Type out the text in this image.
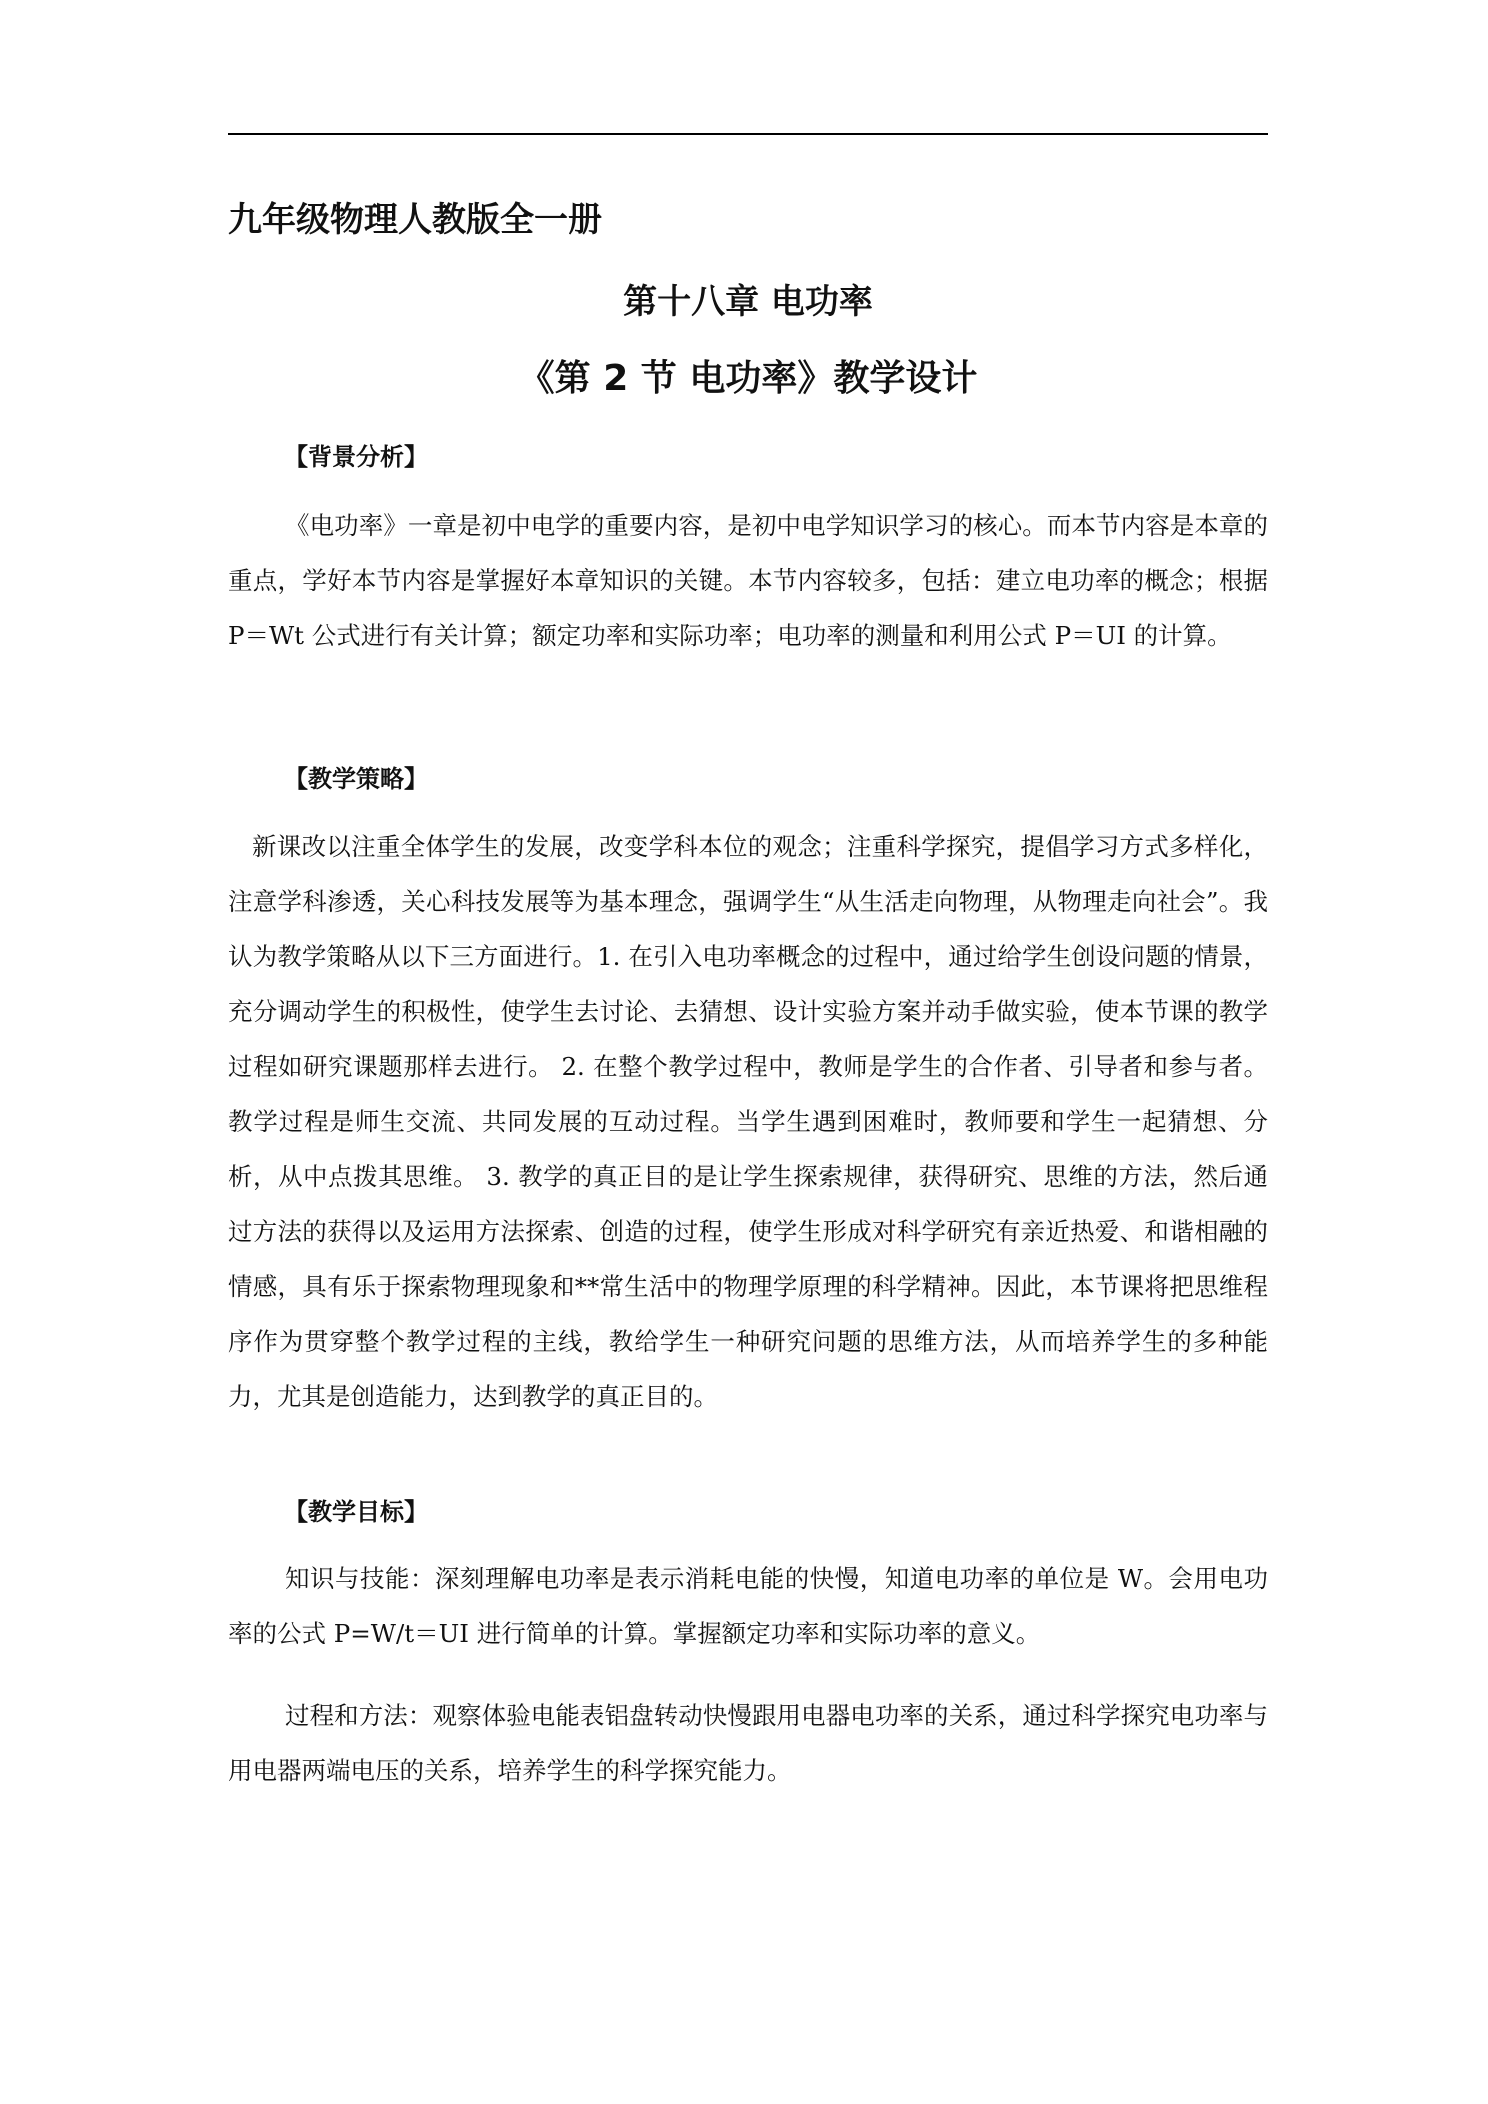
九年级物理人教版全一册
第十八章 电功率
《第 2 节 电功率》教学设计
【背景分析】

《电功率》一章是初中电学的重要内容，是初中电学知识学习的核心。而本节内容是本章的重点，学好本节内容是掌握好本章知识的关键。本节内容较多，包括：建立电功率的概念；根据 P＝Wt 公式进行有关计算；额定功率和实际功率；电功率的测量和利用公式 P＝UI 的计算。

【教学策略】

新课改以注重全体学生的发展，改变学科本位的观念；注重科学探究，提倡学习方式多样化，注意学科渗透，关心科技发展等为基本理念，强调学生“从生活走向物理，从物理走向社会”。我认为教学策略从以下三方面进行。1. 在引入电功率概念的过程中，通过给学生创设问题的情景，充分调动学生的积极性，使学生去讨论、去猜想、设计实验方案并动手做实验，使本节课的教学过程如研究课题那样去进行。 2. 在整个教学过程中，教师是学生的合作者、引导者和参与者。教学过程是师生交流、共同发展的互动过程。当学生遇到困难时，教师要和学生一起猜想、分析，从中点拨其思维。 3. 教学的真正目的是让学生探索规律，获得研究、思维的方法，然后通过方法的获得以及运用方法探索、创造的过程，使学生形成对科学研究有亲近热爱、和谐相融的情感，具有乐于探索物理现象和**常生活中的物理学原理的科学精神。因此，本节课将把思维程序作为贯穿整个教学过程的主线，教给学生一种研究问题的思维方法，从而培养学生的多种能力，尤其是创造能力，达到教学的真正目的。

【教学目标】

知识与技能：深刻理解电功率是表示消耗电能的快慢，知道电功率的单位是 W。会用电功率的公式 P=W/t＝UI 进行简单的计算。掌握额定功率和实际功率的意义。

过程和方法：观察体验电能表铝盘转动快慢跟用电器电功率的关系，通过科学探究电功率与用电器两端电压的关系，培养学生的科学探究能力。
